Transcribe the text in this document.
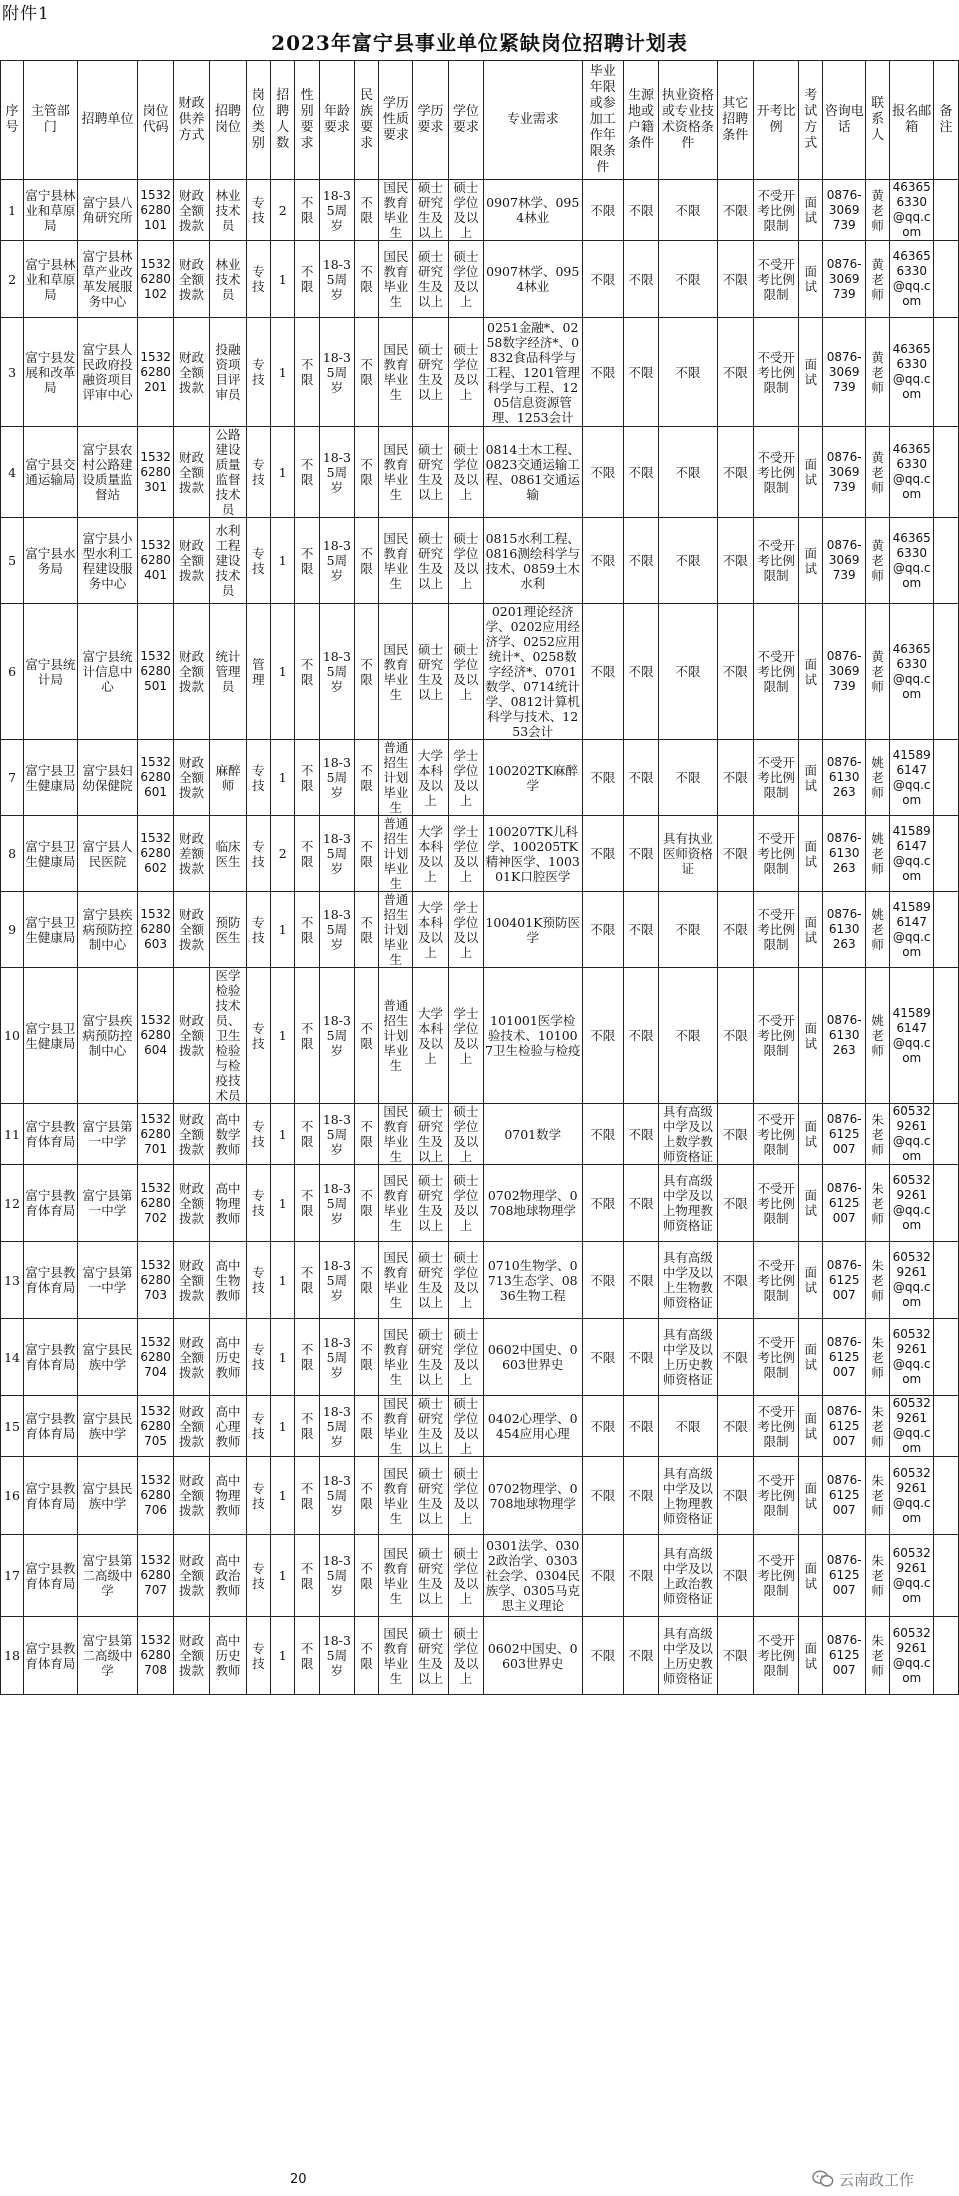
附件1
2023年富宁县事业单位紧缺岗位招聘计划表																								
序号	主管部门	招聘单位	岗位代码	财政供养方式	招聘岗位	岗位类别	招聘人数	性别要求	年龄要求	民族要求	学历性质要求	学历要求	学位要求	专业需求	毕业年限或参加工作年限条件	生源地或户籍条件	执业资格或专业技术资格条件	其它招聘条件	开考比例	考试方式	咨询电话	联系人	报名邮箱	备注
1	富宁县林业和草原局	富宁县八角研究所	1532 6280 101	财政全额拨款	林业技术员	专技	2	不限	18-35周岁	不限	国民教育毕业生	硕士研究生及以上	硕士学位及以上	0907林学、0954林业	不限	不限	不限	不限	不受开考比例限制	面试	0876-3069 739	黄老师	46365 6330 @qq.c om	
2	富宁县林业和草原局	富宁县林草产业改革发展服务中心	1532 6280 102	财政全额拨款	林业技术员	专技	1	不限	18-35周岁	不限	国民教育毕业生	硕士研究生及以上	硕士学位及以上	0907林学、0954林业	不限	不限	不限	不限	不受开考比例限制	面试	0876-3069 739	黄老师	46365 6330 @qq.c om	
3	富宁县发展和改革局	富宁县人民政府投融资项目评审中心	1532 6280 201	财政全额拨款	投融资项目评审员	专技	1	不限	18-35周岁	不限	国民教育毕业生	硕士研究生及以上	硕士学位及以上	0251金融*、0258数字经济*、0832食品科学与工程、1201管理科学与工程、1205信息资源管理、1253会计	不限	不限	不限	不限	不受开考比例限制	面试	0876-3069 739	黄老师	46365 6330 @qq.c om	
4	富宁县交通运输局	富宁县农村公路建设质量监督站	1532 6280 301	财政全额拨款	公路建设质量监督技术员	专技	1	不限	18-35周岁	不限	国民教育毕业生	硕士研究生及以上	硕士学位及以上	0814土木工程、0823交通运输工程、0861交通运输	不限	不限	不限	不限	不受开考比例限制	面试	0876-3069 739	黄老师	46365 6330 @qq.c om	
5	富宁县水务局	富宁县小型水利工程建设服务中心	1532 6280 401	财政全额拨款	水利工程建设技术员	专技	1	不限	18-35周岁	不限	国民教育毕业生	硕士研究生及以上	硕士学位及以上	0815水利工程、0816测绘科学与技术、0859土木水利	不限	不限	不限	不限	不受开考比例限制	面试	0876-3069 739	黄老师	46365 6330 @qq.c om	
6	富宁县统计局	富宁县统计信息中心	1532 6280 501	财政全额拨款	统计管理员	管理	1	不限	18-35周岁	不限	国民教育毕业生	硕士研究生及以上	硕士学位及以上	0201理论经济学、0202应用经济学、0252应用统计*、0258数字经济*、0701数学、0714统计学、0812计算机科学与技术、1253会计	不限	不限	不限	不限	不受开考比例限制	面试	0876-3069 739	黄老师	46365 6330 @qq.c om	
7	富宁县卫生健康局	富宁县妇幼保健院	1532 6280 601	财政全额拨款	麻醉师	专技	1	不限	18-35周岁	不限	普通招生计划毕业生	大学本科及以上	学士学位及以上	100202TK麻醉学	不限	不限	不限	不限	不受开考比例限制	面试	0876-6130 263	姚老师	41589 6147 @qq.c om	
8	富宁县卫生健康局	富宁县人民医院	1532 6280 602	财政差额拨款	临床医生	专技	2	不限	18-35周岁	不限	普通招生计划毕业生	大学本科及以上	学士学位及以上	100207TK儿科学、100205TK精神医学、100301K口腔医学	不限	不限	具有执业医师资格证	不限	不受开考比例限制	面试	0876-6130 263	姚老师	41589 6147 @qq.c om	
9	富宁县卫生健康局	富宁县疾病预防控制中心	1532 6280 603	财政全额拨款	预防医生	专技	1	不限	18-35周岁	不限	普通招生计划毕业生	大学本科及以上	学士学位及以上	100401K预防医学	不限	不限	不限	不限	不受开考比例限制	面试	0876-6130 263	姚老师	41589 6147 @qq.c om	
10	富宁县卫生健康局	富宁县疾病预防控制中心	1532 6280 604	财政全额拨款	医学检验技术员、卫生检验与检疫技术员	专技	1	不限	18-35周岁	不限	普通招生计划毕业生	大学本科及以上	学士学位及以上	101001医学检验技术、101007卫生检验与检疫	不限	不限	不限	不限	不受开考比例限制	面试	0876-6130 263	姚老师	41589 6147 @qq.c om	
11	富宁县教育体育局	富宁县第一中学	1532 6280 701	财政全额拨款	高中数学教师	专技	1	不限	18-35周岁	不限	国民教育毕业生	硕士研究生及以上	硕士学位及以上	0701数学	不限	不限	具有高级中学及以上数学教师资格证	不限	不受开考比例限制	面试	0876-6125 007	朱老师	60532 9261 @qq.c om	
12	富宁县教育体育局	富宁县第一中学	1532 6280 702	财政全额拨款	高中物理教师	专技	1	不限	18-35周岁	不限	国民教育毕业生	硕士研究生及以上	硕士学位及以上	0702物理学、0708地球物理学	不限	不限	具有高级中学及以上物理教师资格证	不限	不受开考比例限制	面试	0876-6125 007	朱老师	60532 9261 @qq.c om	
13	富宁县教育体育局	富宁县第一中学	1532 6280 703	财政全额拨款	高中生物教师	专技	1	不限	18-35周岁	不限	国民教育毕业生	硕士研究生及以上	硕士学位及以上	0710生物学、0713生态学、0836生物工程	不限	不限	具有高级中学及以上生物教师资格证	不限	不受开考比例限制	面试	0876-6125 007	朱老师	60532 9261 @qq.c om	
14	富宁县教育体育局	富宁县民族中学	1532 6280 704	财政全额拨款	高中历史教师	专技	1	不限	18-35周岁	不限	国民教育毕业生	硕士研究生及以上	硕士学位及以上	0602中国史、0603世界史	不限	不限	具有高级中学及以上历史教师资格证	不限	不受开考比例限制	面试	0876-6125 007	朱老师	60532 9261 @qq.c om	
15	富宁县教育体育局	富宁县民族中学	1532 6280 705	财政全额拨款	高中心理教师	专技	1	不限	18-35周岁	不限	国民教育毕业生	硕士研究生及以上	硕士学位及以上	0402心理学、0454应用心理	不限	不限	不限	不限	不受开考比例限制	面试	0876-6125 007	朱老师	60532 9261 @qq.c om	
16	富宁县教育体育局	富宁县民族中学	1532 6280 706	财政全额拨款	高中物理教师	专技	1	不限	18-35周岁	不限	国民教育毕业生	硕士研究生及以上	硕士学位及以上	0702物理学、0708地球物理学	不限	不限	具有高级中学及以上物理教师资格证	不限	不受开考比例限制	面试	0876-6125 007	朱老师	60532 9261 @qq.c om	
17	富宁县教育体育局	富宁县第二高级中学	1532 6280 707	财政全额拨款	高中政治教师	专技	1	不限	18-35周岁	不限	国民教育毕业生	硕士研究生及以上	硕士学位及以上	0301法学、0302政治学、0303社会学、0304民族学、0305马克思主义理论	不限	不限	具有高级中学及以上政治教师资格证	不限	不受开考比例限制	面试	0876-6125 007	朱老师	60532 9261 @qq.c om	
18	富宁县教育体育局	富宁县第二高级中学	1532 6280 708	财政全额拨款	高中历史教师	专技	1	不限	18-35周岁	不限	国民教育毕业生	硕士研究生及以上	硕士学位及以上	0602中国史、0603世界史	不限	不限	具有高级中学及以上历史教师资格证	不限	不受开考比例限制	面试	0876-6125 007	朱老师	60532 9261 @qq.c om	
20	云南政工作
